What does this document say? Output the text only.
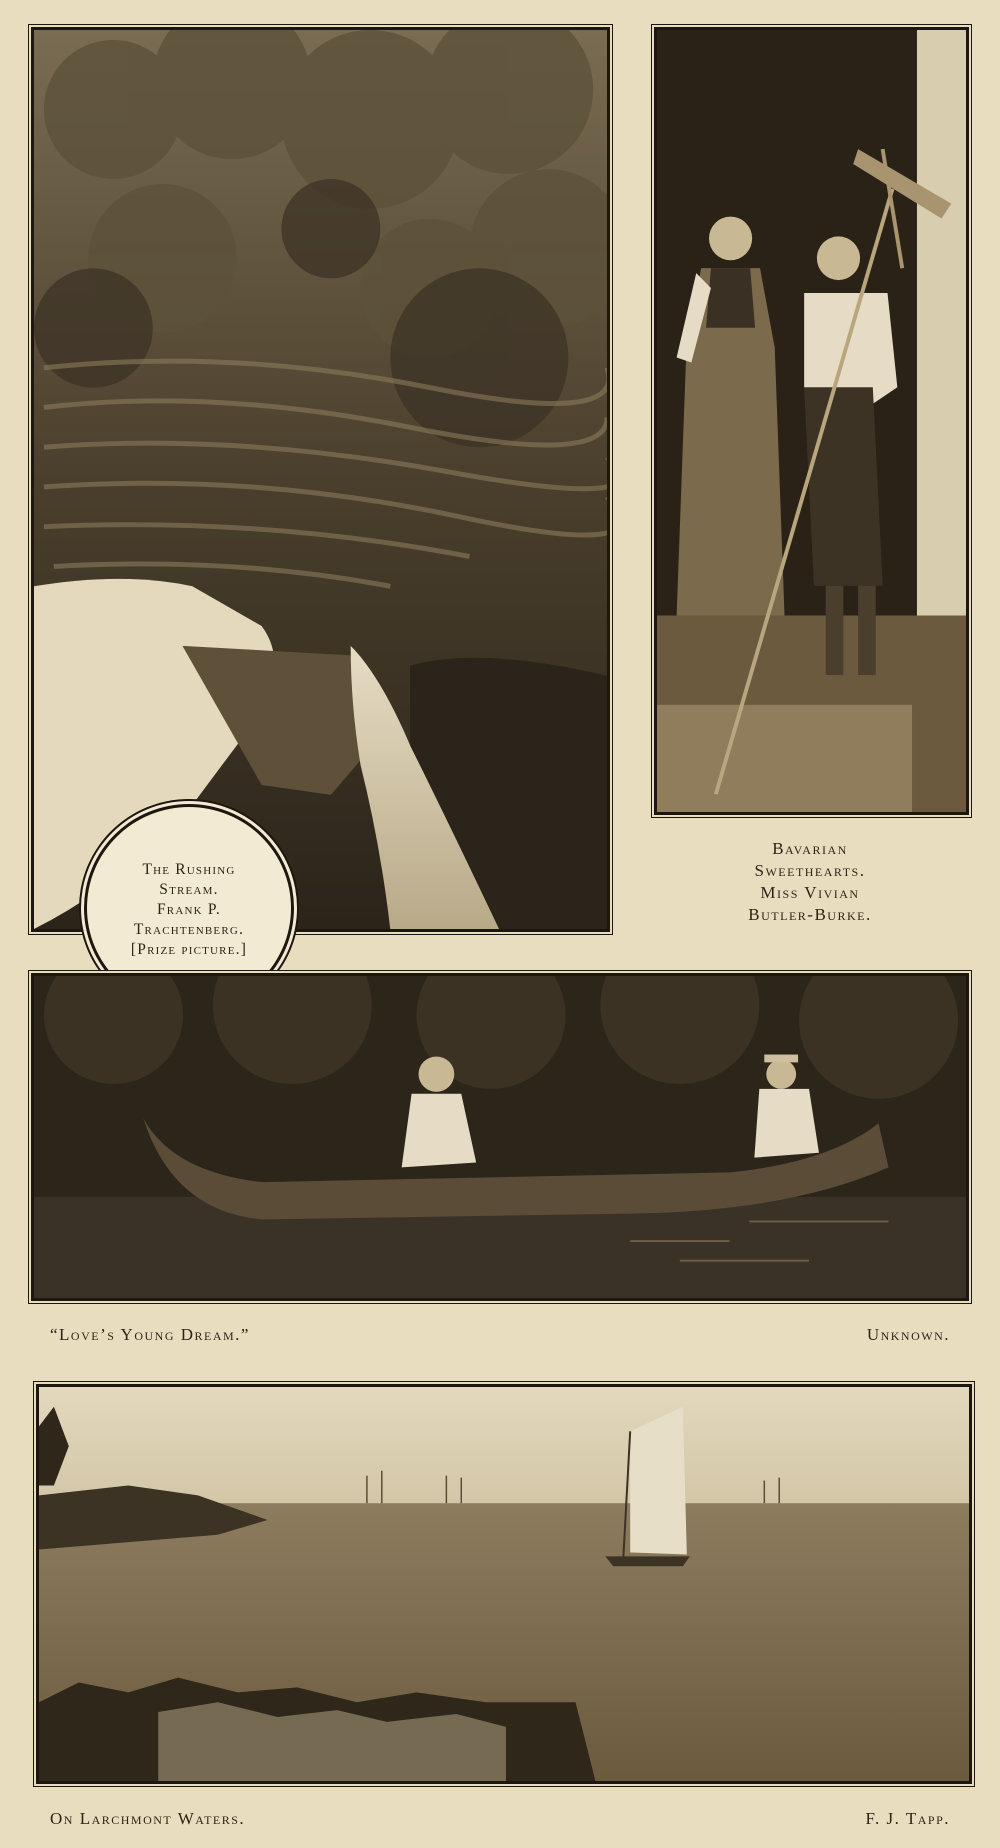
The Rushing
Stream.
Frank P.
Trachtenberg.
[Prize picture.]
Bavarian
Sweethearts.
Miss Vivian
Butler-Burke.
“Love’s Young Dream.”	Unknown.
On Larchmont Waters.	F. J. Tapp.
